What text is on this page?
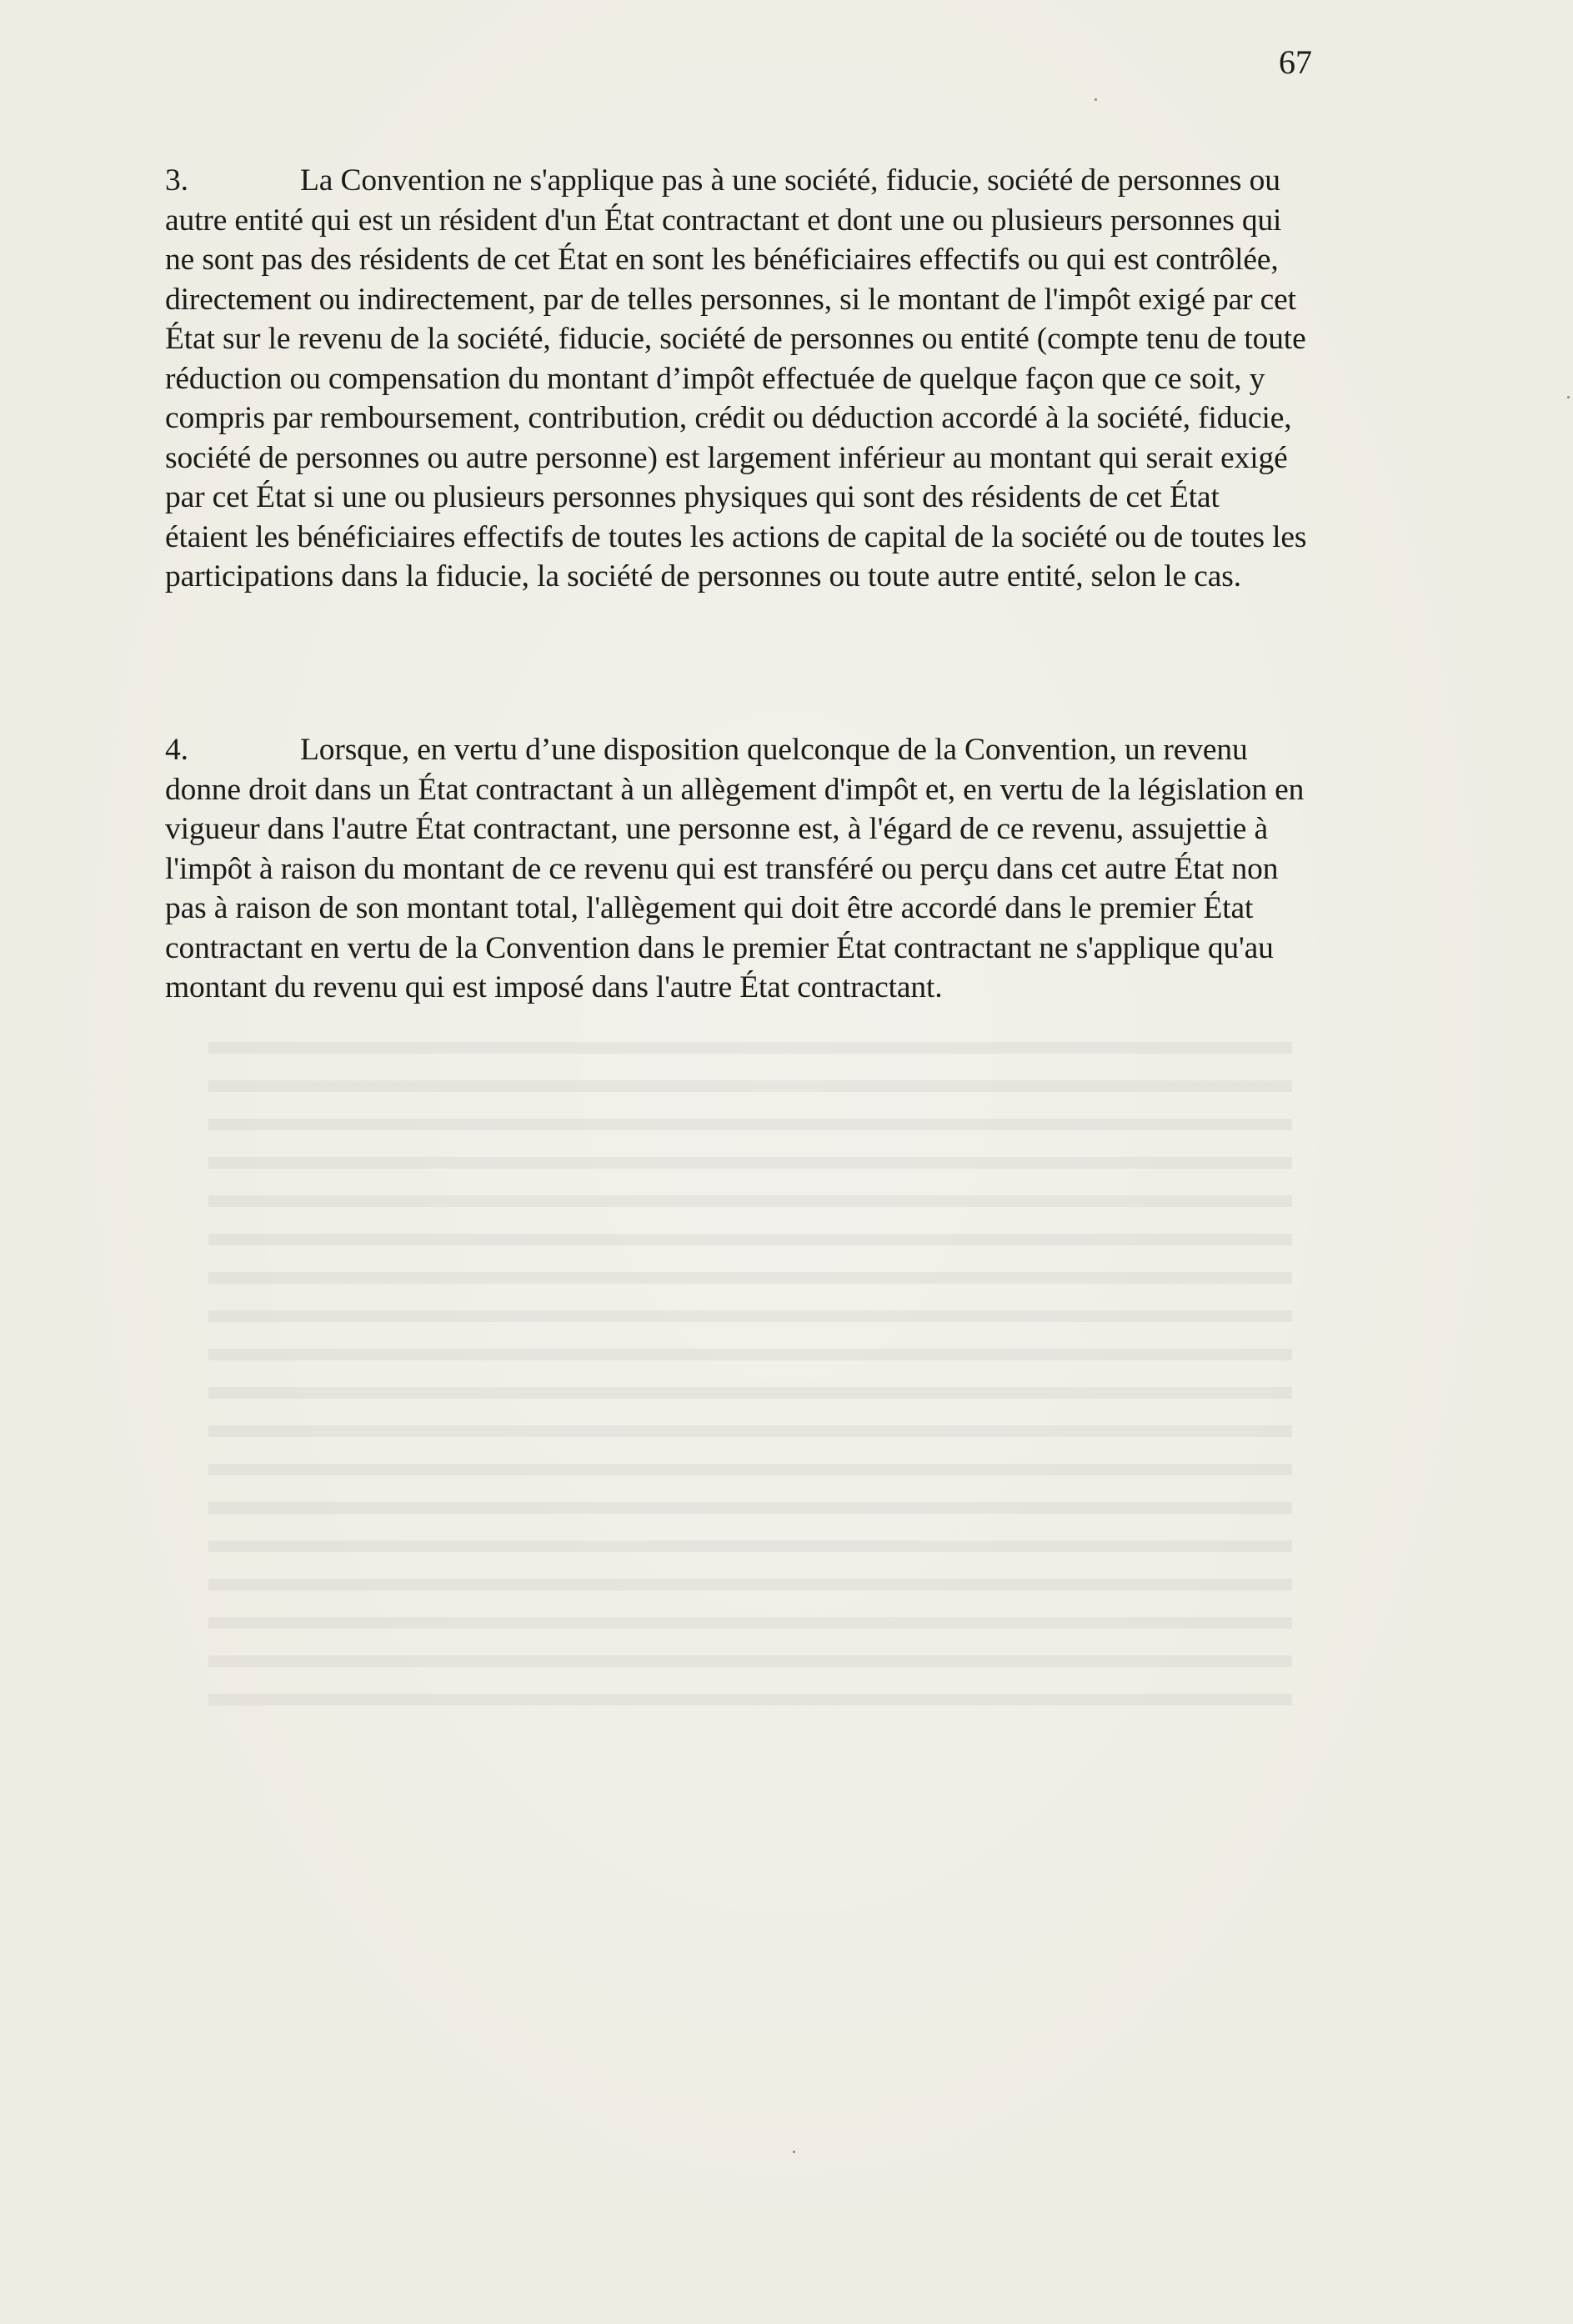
67
3.	La Convention ne s'applique pas à une société, fiducie, société de personnes ou autre entité qui est un résident d'un État contractant et dont une ou plusieurs personnes qui ne sont pas des résidents de cet État en sont les bénéficiaires effectifs ou qui est contrôlée, directement ou indirectement, par de telles personnes, si le montant de l'impôt exigé par cet État sur le revenu de la société, fiducie, société de personnes ou entité (compte tenu de toute réduction ou compensation du montant d’impôt effectuée de quelque façon que ce soit, y compris par remboursement, contribution, crédit ou déduction accordé à la société, fiducie, société de personnes ou autre personne) est largement inférieur au montant qui serait exigé par cet État si une ou plusieurs personnes physiques qui sont des résidents de cet État étaient les bénéficiaires effectifs de toutes les actions de capital de la société ou de toutes les participations dans la fiducie, la société de personnes ou toute autre entité, selon le cas.
4.	Lorsque, en vertu d’une disposition quelconque de la Convention, un revenu donne droit dans un État contractant à un allègement d'impôt et, en vertu de la législation en vigueur dans l'autre État contractant, une personne est, à l'égard de ce revenu, assujettie à l'impôt à raison du montant de ce revenu qui est transféré ou perçu dans cet autre État non pas à raison de son montant total, l'allègement qui doit être accordé dans le premier État contractant en vertu de la Convention dans le premier État contractant ne s'applique qu'au montant du revenu qui est imposé dans l'autre État contractant.
